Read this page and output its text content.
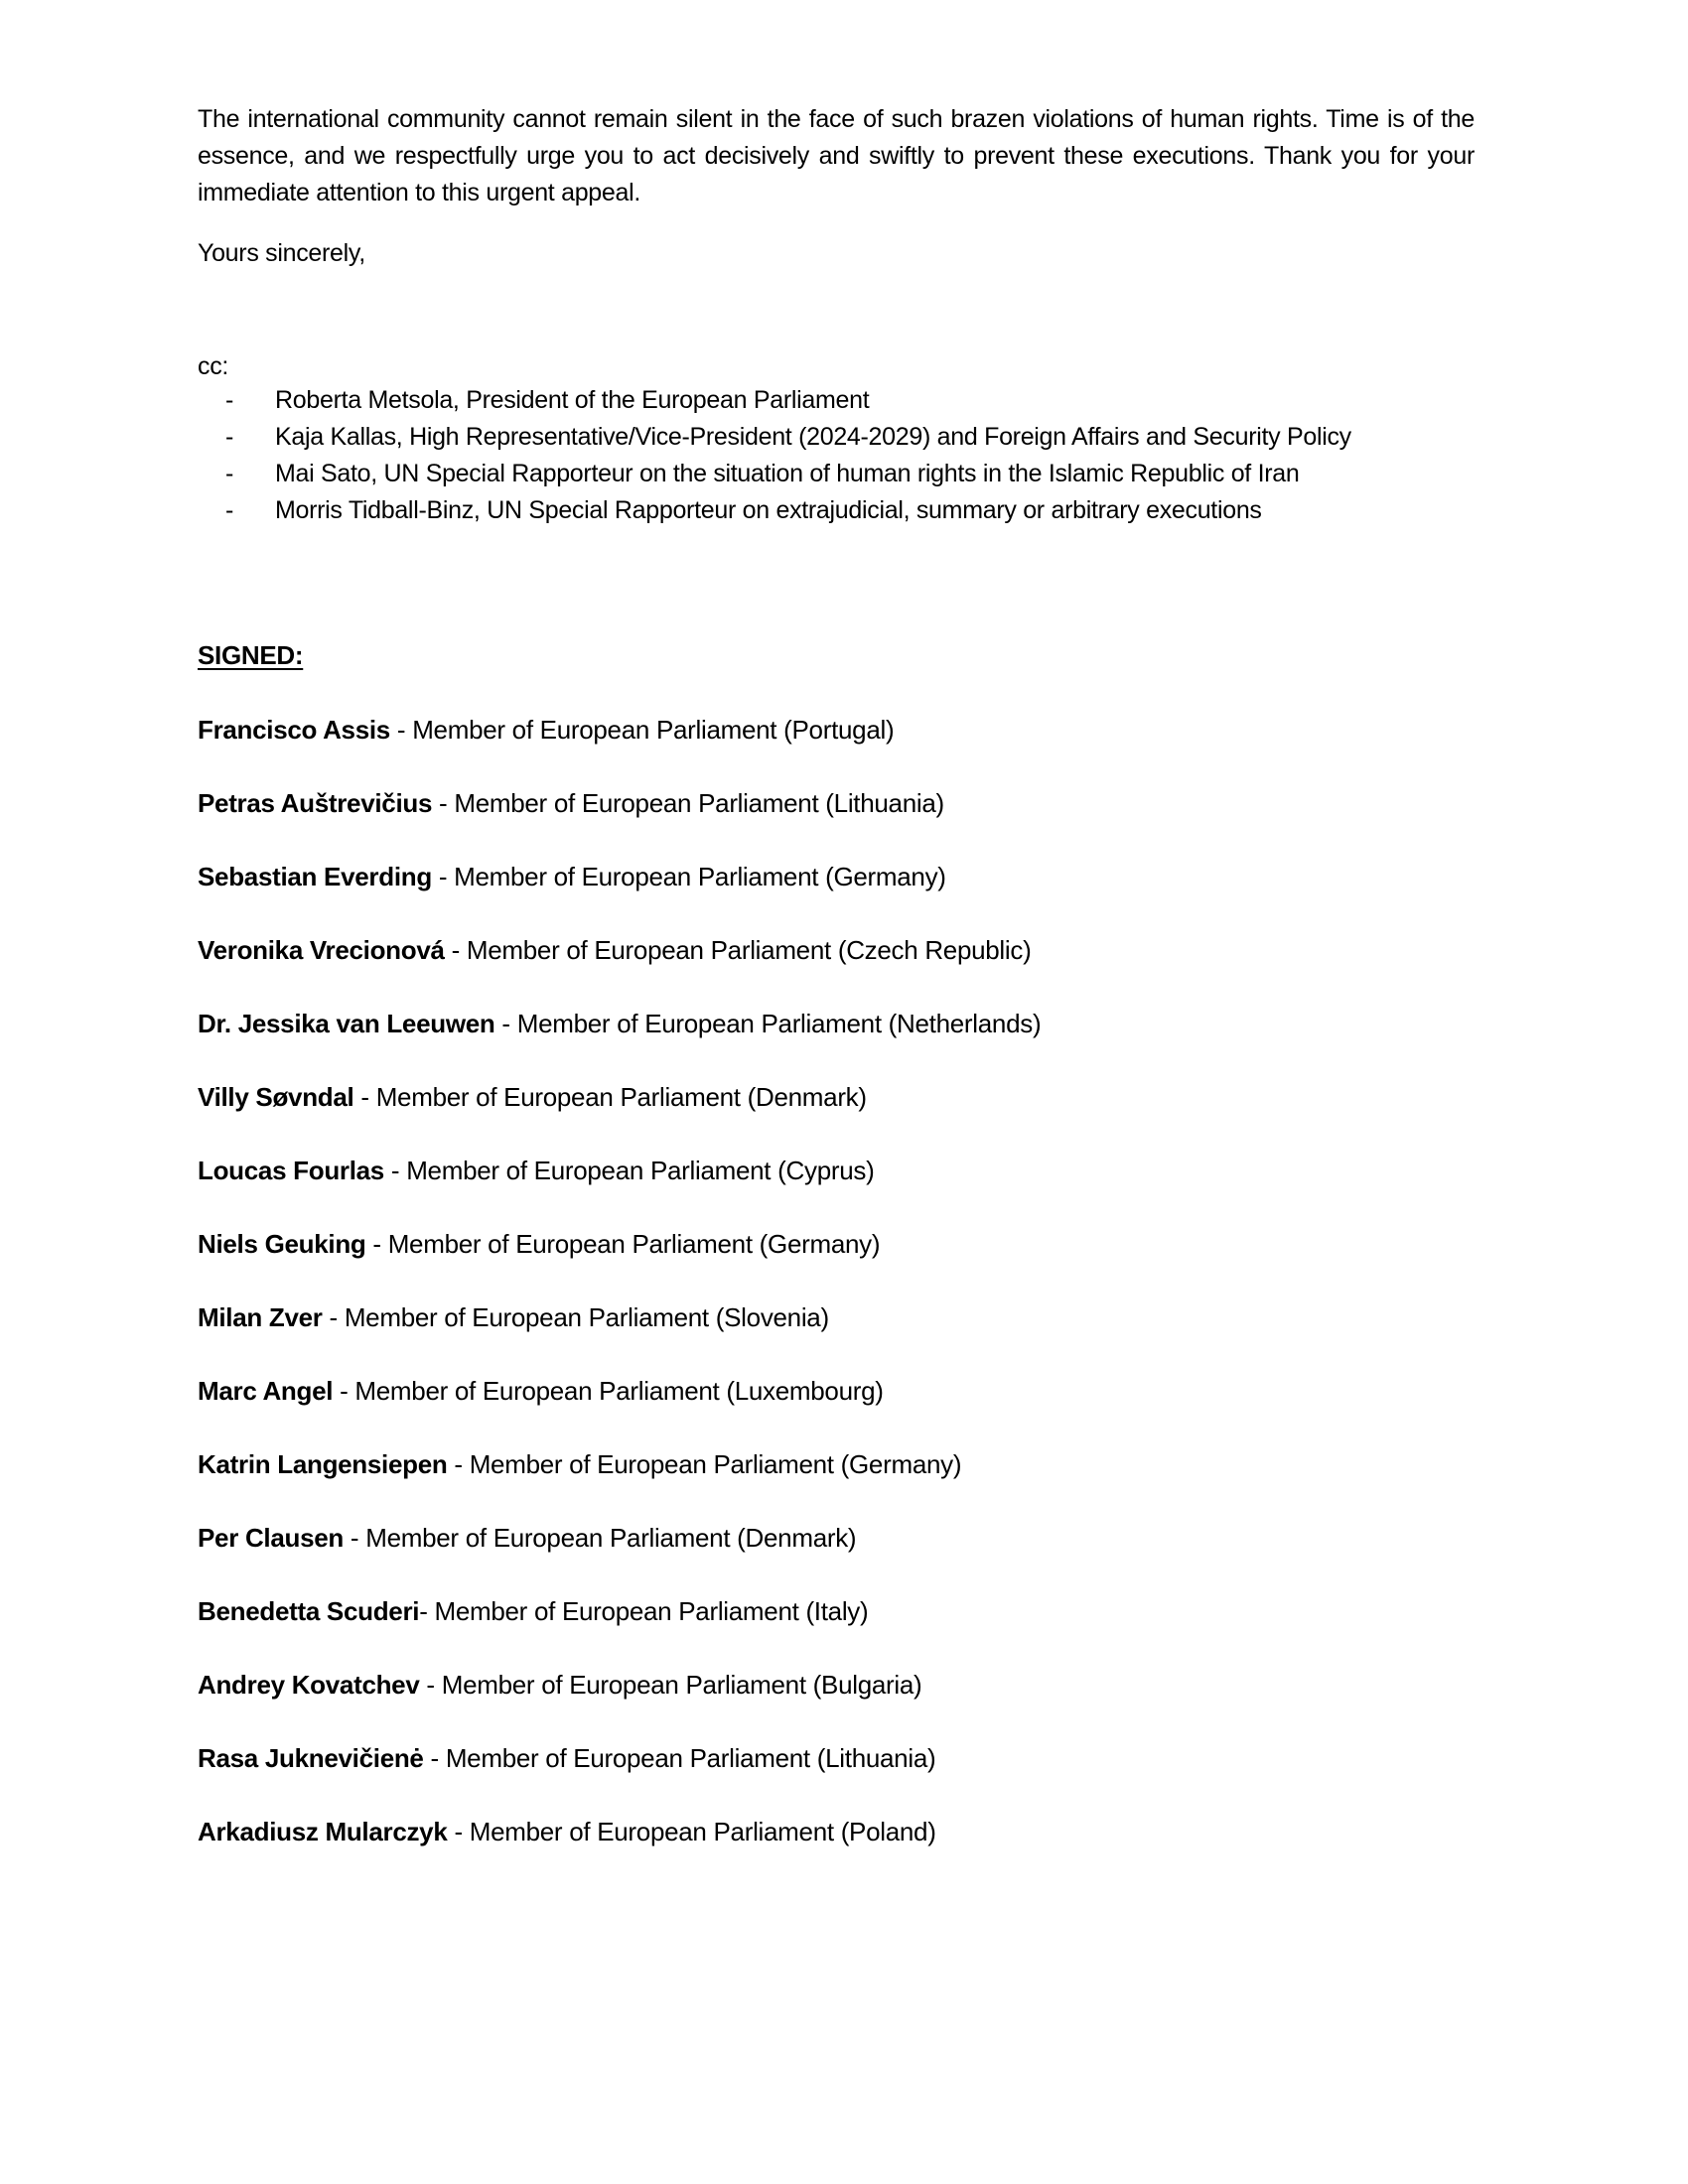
The international community cannot remain silent in the face of such brazen violations of human rights. Time is of the essence, and we respectfully urge you to act decisively and swiftly to prevent these executions. Thank you for your immediate attention to this urgent appeal.

Yours sincerely,

cc:

- Roberta Metsola, President of the European Parliament
- Kaja Kallas, High Representative/Vice-President (2024-2029) and Foreign Affairs and Security Policy
- Mai Sato, UN Special Rapporteur on the situation of human rights in the Islamic Republic of Iran
- Morris Tidball-Binz, UN Special Rapporteur on extrajudicial, summary or arbitrary executions

SIGNED:

Francisco Assis - Member of European Parliament (Portugal)
Petras Auštrevičius - Member of European Parliament (Lithuania)
Sebastian Everding - Member of European Parliament (Germany)
Veronika Vrecionová - Member of European Parliament (Czech Republic)
Dr. Jessika van Leeuwen - Member of European Parliament (Netherlands)
Villy Søvndal - Member of European Parliament (Denmark)
Loucas Fourlas - Member of European Parliament (Cyprus)
Niels Geuking - Member of European Parliament (Germany)
Milan Zver - Member of European Parliament (Slovenia)
Marc Angel - Member of European Parliament (Luxembourg)
Katrin Langensiepen - Member of European Parliament (Germany)
Per Clausen - Member of European Parliament (Denmark)
Benedetta Scuderi- Member of European Parliament (Italy)
Andrey Kovatchev - Member of European Parliament (Bulgaria)
Rasa Juknevičienė - Member of European Parliament (Lithuania)
Arkadiusz Mularczyk - Member of European Parliament (Poland)
